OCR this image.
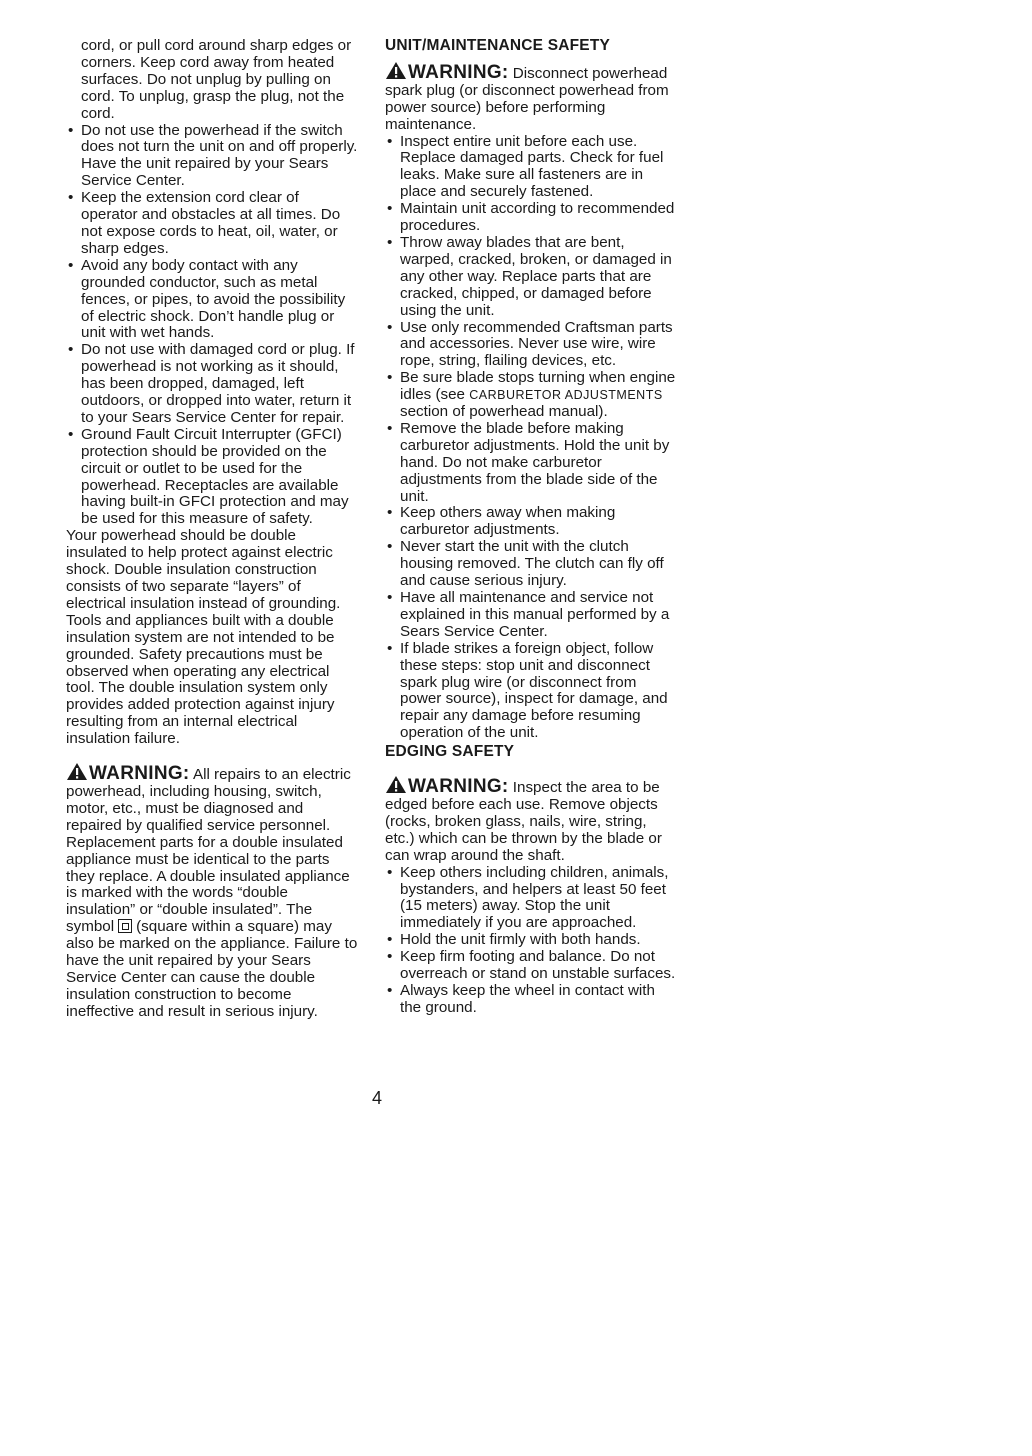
cord, or pull cord around sharp edges or corners. Keep cord away from heated surfaces. Do not unplug by pulling on cord. To unplug, grasp the plug, not the cord.

• Do not use the powerhead if the switch does not turn the unit on and off properly. Have the unit repaired by your Sears Service Center.
• Keep the extension cord clear of operator and obstacles at all times. Do not expose cords to heat, oil, water, or sharp edges.
• Avoid any body contact with any grounded conductor, such as metal fences, or pipes, to avoid the possibility of electric shock. Don’t handle plug or unit with wet hands.
• Do not use with damaged cord or plug. If powerhead is not working as it should, has been dropped, damaged, left outdoors, or dropped into water, return it to your Sears Service Center for repair.
• Ground Fault Circuit Interrupter (GFCI) protection should be provided on the circuit or outlet to be used for the powerhead. Receptacles are available having built-in GFCI protection and may be used for this measure of safety.

Your powerhead should be double insulated to help protect against electric shock. Double insulation construction consists of two separate “layers” of electrical insulation instead of grounding. Tools and appliances built with a double insulation system are not intended to be grounded. Safety precautions must be observed when operating any electrical tool. The double insulation system only provides added protection against injury resulting from an internal electrical insulation failure.

WARNING: All repairs to an electric powerhead, including housing, switch, motor, etc., must be diagnosed and repaired by qualified service personnel. Replacement parts for a double insulated appliance must be identical to the parts they replace. A double insulated appliance is marked with the words “double insulation” or “double insulated”. The symbol (square within a square) may also be marked on the appliance. Failure to have the unit repaired by your Sears Service Center can cause the double insulation construction to become ineffective and result in serious injury.

UNIT/MAINTENANCE SAFETY

WARNING: Disconnect powerhead spark plug (or disconnect powerhead from power source) before performing maintenance.

• Inspect entire unit before each use. Replace damaged parts. Check for fuel leaks. Make sure all fasteners are in place and securely fastened.
• Maintain unit according to recommended procedures.
• Throw away blades that are bent, warped, cracked, broken, or damaged in any other way. Replace parts that are cracked, chipped, or damaged before using the unit.
• Use only recommended Craftsman parts and accessories. Never use wire, wire rope, string, flailing devices, etc.
• Be sure blade stops turning when engine idles (see CARBURETOR ADJUSTMENTS section of powerhead manual).
• Remove the blade before making carburetor adjustments. Hold the unit by hand. Do not make carburetor adjustments from the blade side of the unit.
• Keep others away when making carburetor adjustments.
• Never start the unit with the clutch housing removed. The clutch can fly off and cause serious injury.
• Have all maintenance and service not explained in this manual performed by a Sears Service Center.
• If blade strikes a foreign object, follow these steps: stop unit and disconnect spark plug wire (or disconnect from power source), inspect for damage, and repair any damage before resuming operation of the unit.
EDGING SAFETY

WARNING: Inspect the area to be edged before each use. Remove objects (rocks, broken glass, nails, wire, string, etc.) which can be thrown by the blade or can wrap around the shaft.

• Keep others including children, animals, bystanders, and helpers at least 50 feet (15 meters) away. Stop the unit immediately if you are approached.
• Hold the unit firmly with both hands.
• Keep firm footing and balance. Do not overreach or stand on unstable surfaces.
• Always keep the wheel in contact with the ground.
4
